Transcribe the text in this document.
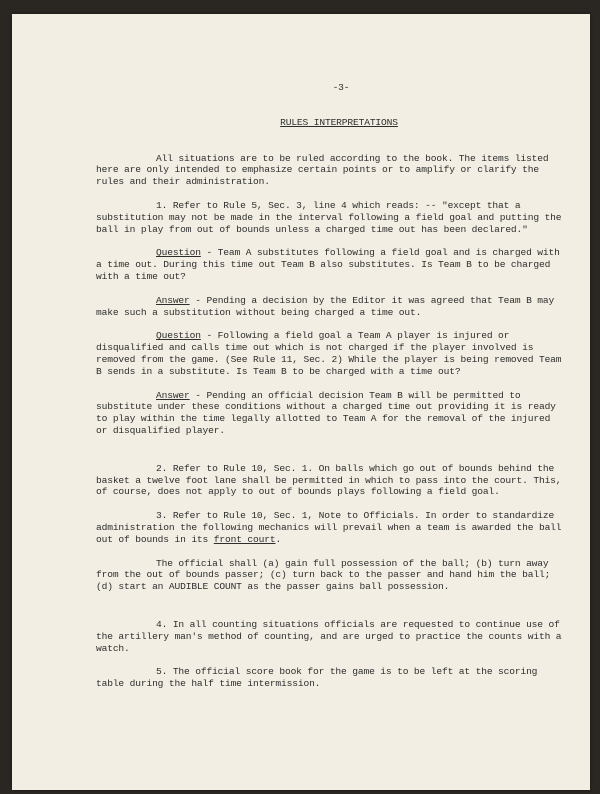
-3-
RULES INTERPRETATIONS

All situations are to be ruled according to the book. The items listed here are only intended to emphasize certain points or to amplify or clarify the rules and their administration.

1. Refer to Rule 5, Sec. 3, line 4 which reads: -- "except that a substitution may not be made in the interval following a field goal and putting the ball in play from out of bounds unless a charged time out has been declared."

Question - Team A substitutes following a field goal and is charged with a time out. During this time out Team B also substitutes. Is Team B to be charged with a time out?

Answer - Pending a decision by the Editor it was agreed that Team B may make such a substitution without being charged a time out.

Question - Following a field goal a Team A player is injured or disqualified and calls time out which is not charged if the player involved is removed from the game. (See Rule 11, Sec. 2) While the player is being removed Team B sends in a substitute. Is Team B to be charged with a time out?

Answer - Pending an official decision Team B will be permitted to substitute under these conditions without a charged time out providing it is ready to play within the time legally allotted to Team A for the removal of the injured or disqualified player.

2. Refer to Rule 10, Sec. 1. On balls which go out of bounds behind the basket a twelve foot lane shall be permitted in which to pass into the court. This, of course, does not apply to out of bounds plays following a field goal.

3. Refer to Rule 10, Sec. 1, Note to Officials. In order to standardize administration the following mechanics will prevail when a team is awarded the ball out of bounds in its front court.

The official shall (a) gain full possession of the ball; (b) turn away from the out of bounds passer; (c) turn back to the passer and hand him the ball; (d) start an AUDIBLE COUNT as the passer gains ball possession.

4. In all counting situations officials are requested to continue use of the artillery man's method of counting, and are urged to practice the counts with a watch.

5. The official score book for the game is to be left at the scoring table during the half time intermission.
